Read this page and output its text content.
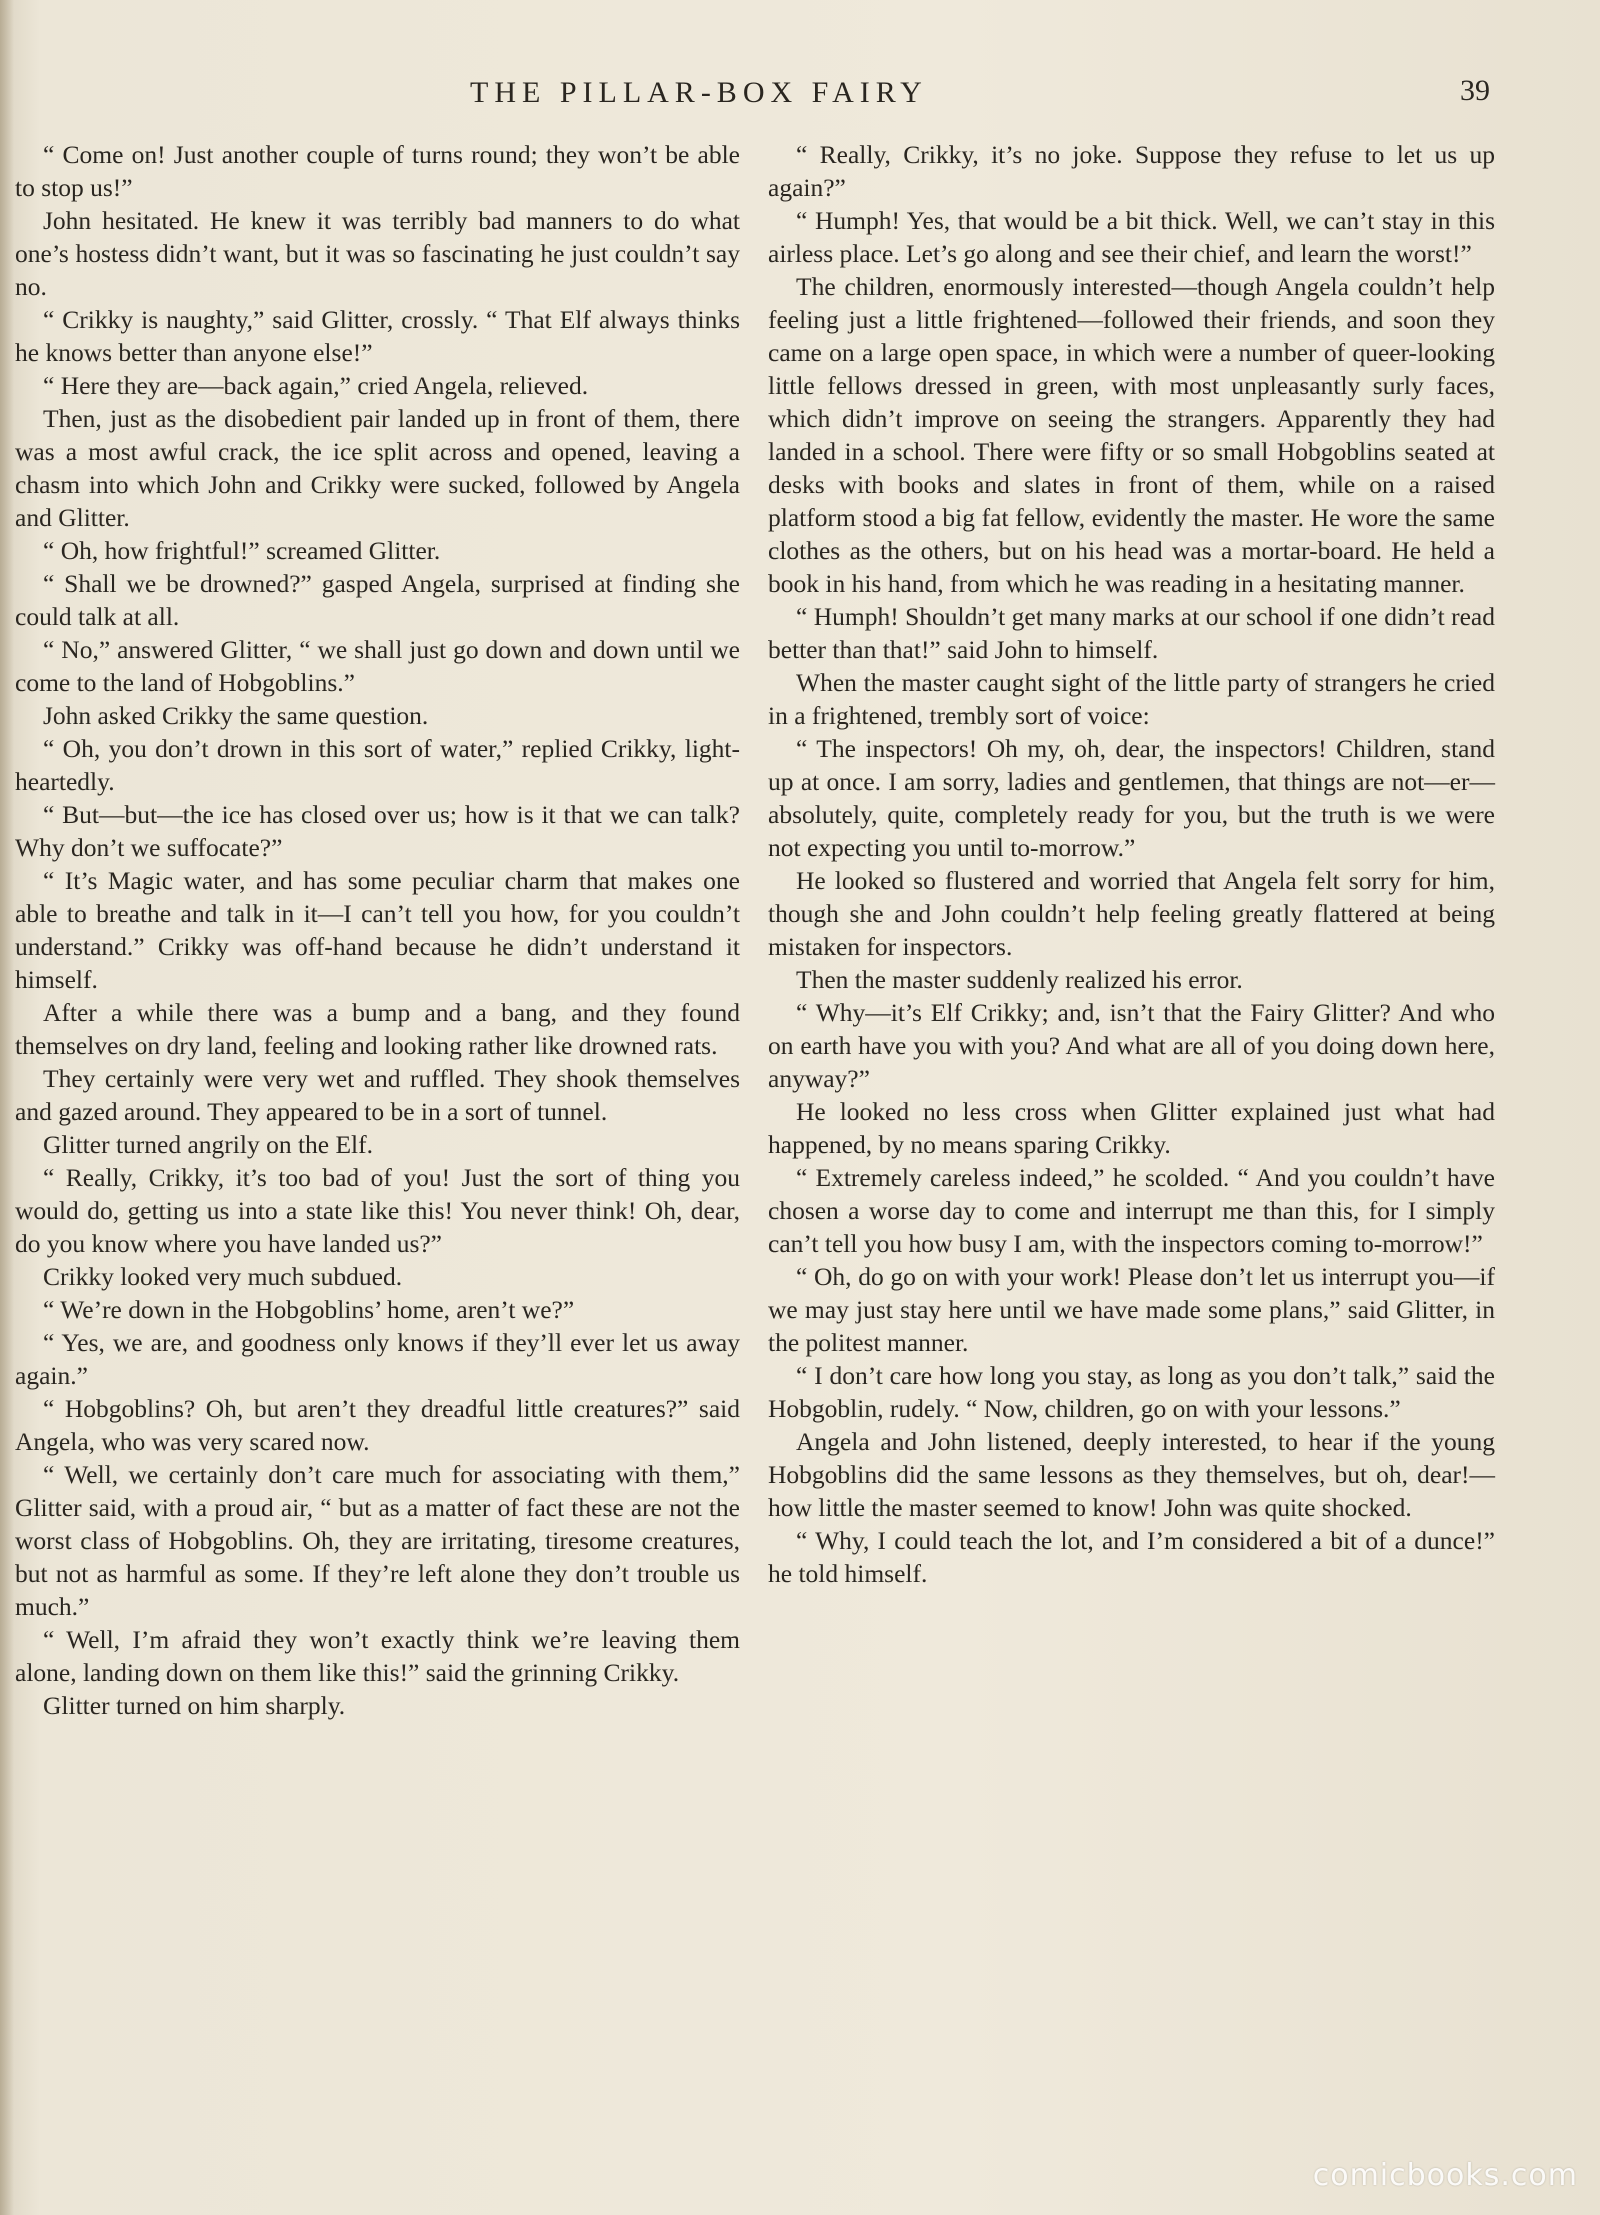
THE PILLAR-BOX FAIRY	39

“ Come on! Just another couple of turns round; they won’t be able to stop us!”

John hesitated. He knew it was terribly bad manners to do what one’s hostess didn’t want, but it was so fascinating he just couldn’t say no.

“ Crikky is naughty,” said Glitter, crossly. “ That Elf always thinks he knows better than anyone else!”

“ Here they are—back again,” cried Angela, relieved.

Then, just as the disobedient pair landed up in front of them, there was a most awful crack, the ice split across and opened, leaving a chasm into which John and Crikky were sucked, followed by Angela and Glitter.

“ Oh, how frightful!” screamed Glitter.

“ Shall we be drowned?” gasped Angela, surprised at finding she could talk at all.

“ No,” answered Glitter, “ we shall just go down and down until we come to the land of Hobgoblins.”

John asked Crikky the same question.

“ Oh, you don’t drown in this sort of water,” replied Crikky, light-heartedly.

“ But—but—the ice has closed over us; how is it that we can talk? Why don’t we suffocate?”

“ It’s Magic water, and has some peculiar charm that makes one able to breathe and talk in it—I can’t tell you how, for you couldn’t understand.” Crikky was off-hand because he didn’t understand it himself.

After a while there was a bump and a bang, and they found themselves on dry land, feeling and looking rather like drowned rats.

They certainly were very wet and ruffled. They shook themselves and gazed around. They appeared to be in a sort of tunnel.

Glitter turned angrily on the Elf.

“ Really, Crikky, it’s too bad of you! Just the sort of thing you would do, getting us into a state like this! You never think! Oh, dear, do you know where you have landed us?”

Crikky looked very much subdued.

“ We’re down in the Hobgoblins’ home, aren’t we?”

“ Yes, we are, and goodness only knows if they’ll ever let us away again.”

“ Hobgoblins? Oh, but aren’t they dreadful little creatures?” said Angela, who was very scared now.

“ Well, we certainly don’t care much for associating with them,” Glitter said, with a proud air, “ but as a matter of fact these are not the worst class of Hobgoblins. Oh, they are irritating, tiresome creatures, but not as harmful as some. If they’re left alone they don’t trouble us much.”

“ Well, I’m afraid they won’t exactly think we’re leaving them alone, landing down on them like this!” said the grinning Crikky.

Glitter turned on him sharply.

“ Really, Crikky, it’s no joke. Suppose they refuse to let us up again?”

“ Humph! Yes, that would be a bit thick. Well, we can’t stay in this airless place. Let’s go along and see their chief, and learn the worst!”

The children, enormously interested—though Angela couldn’t help feeling just a little frightened—followed their friends, and soon they came on a large open space, in which were a number of queer-looking little fellows dressed in green, with most unpleasantly surly faces, which didn’t improve on seeing the strangers. Apparently they had landed in a school. There were fifty or so small Hobgoblins seated at desks with books and slates in front of them, while on a raised platform stood a big fat fellow, evidently the master. He wore the same clothes as the others, but on his head was a mortar-board. He held a book in his hand, from which he was reading in a hesitating manner.

“ Humph! Shouldn’t get many marks at our school if one didn’t read better than that!” said John to himself.

When the master caught sight of the little party of strangers he cried in a frightened, trembly sort of voice:

“ The inspectors! Oh my, oh, dear, the inspectors! Children, stand up at once. I am sorry, ladies and gentlemen, that things are not—er—absolutely, quite, completely ready for you, but the truth is we were not expecting you until to-morrow.”

He looked so flustered and worried that Angela felt sorry for him, though she and John couldn’t help feeling greatly flattered at being mistaken for inspectors.

Then the master suddenly realized his error.

“ Why—it’s Elf Crikky; and, isn’t that the Fairy Glitter? And who on earth have you with you? And what are all of you doing down here, anyway?”

He looked no less cross when Glitter explained just what had happened, by no means sparing Crikky.

“ Extremely careless indeed,” he scolded. “ And you couldn’t have chosen a worse day to come and interrupt me than this, for I simply can’t tell you how busy I am, with the inspectors coming to-morrow!”

“ Oh, do go on with your work! Please don’t let us interrupt you—if we may just stay here until we have made some plans,” said Glitter, in the politest manner.

“ I don’t care how long you stay, as long as you don’t talk,” said the Hobgoblin, rudely. “ Now, children, go on with your lessons.”

Angela and John listened, deeply interested, to hear if the young Hobgoblins did the same lessons as they themselves, but oh, dear!—how little the master seemed to know! John was quite shocked.

“ Why, I could teach the lot, and I’m considered a bit of a dunce!” he told himself.

comicbooks.com
